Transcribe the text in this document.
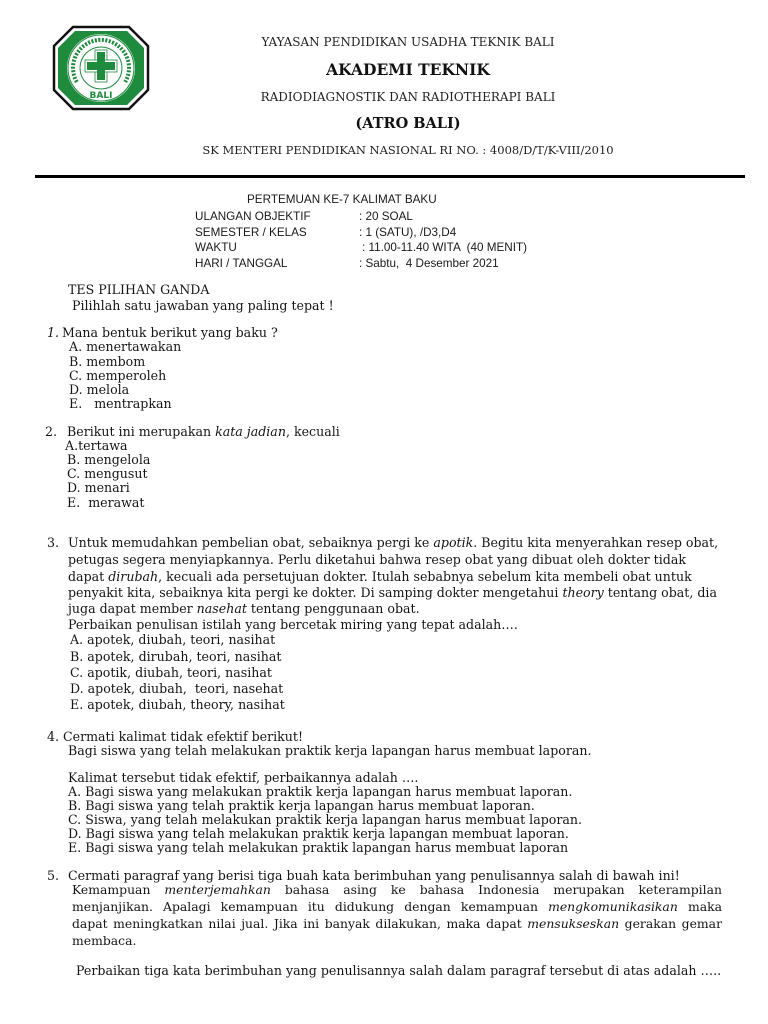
BALI
YAYASAN PENDIDIKAN USADHA TEKNIK BALI
AKADEMI TEKNIK
RADIODIAGNOSTIK DAN RADIOTHERAPI BALI
(ATRO BALI)
SK MENTERI PENDIDIKAN NASIONAL RI NO. : 4008/D/T/K-VIII/2010
PERTEMUAN KE-7 KALIMAT BAKU
ULANGAN OBJEKTIF	: 20 SOAL
SEMESTER / KELAS	: 1 (SATU), /D3,D4
WAKTU	: 11.00-11.40 WITA  (40 MENIT)
HARI / TANGGAL	: Sabtu,  4 Desember 2021
TES PILIHAN GANDA
Pilihlah satu jawaban yang paling tepat !
1. Mana bentuk berikut yang baku ?
A. menertawakan
B. membom
C. memperoleh
D. melola
E.   mentrapkan
2. Berikut ini merupakan kata jadian, kecuali
A.tertawa
B. mengelola
C. mengusut
D. menari
E.  merawat
3. Untuk memudahkan pembelian obat, sebaiknya pergi ke apotik. Begitu kita menyerahkan resep obat,
petugas segera menyiapkannya. Perlu diketahui bahwa resep obat yang dibuat oleh dokter tidak
dapat dirubah, kecuali ada persetujuan dokter. Itulah sebabnya sebelum kita membeli obat untuk
penyakit kita, sebaiknya kita pergi ke dokter. Di samping dokter mengetahui theory tentang obat, dia
juga dapat member nasehat tentang penggunaan obat.
Perbaikan penulisan istilah yang bercetak miring yang tepat adalah….
A. apotek, diubah, teori, nasihat
B. apotek, dirubah, teori, nasihat
C. apotik, diubah, teori, nasihat
D. apotek, diubah,  teori, nasehat
E. apotek, diubah, theory, nasihat
4. Cermati kalimat tidak efektif berikut!
Bagi siswa yang telah melakukan praktik kerja lapangan harus membuat laporan.
Kalimat tersebut tidak efektif, perbaikannya adalah ….
A. Bagi siswa yang melakukan praktik kerja lapangan harus membuat laporan.
B. Bagi siswa yang telah praktik kerja lapangan harus membuat laporan.
C. Siswa, yang telah melakukan praktik kerja lapangan harus membuat laporan.
D. Bagi siswa yang telah melakukan praktik kerja lapangan membuat laporan.
E. Bagi siswa yang telah melakukan praktik lapangan harus membuat laporan
5. Cermati paragraf yang berisi tiga buah kata berimbuhan yang penulisannya salah di bawah ini!
Kemampuan menterjemahkan bahasa asing ke bahasa Indonesia merupakan keterampilan
menjanjikan. Apalagi kemampuan itu didukung dengan kemampuan mengkomunikasikan maka
dapat meningkatkan nilai jual. Jika ini banyak dilakukan, maka dapat mensukseskan gerakan gemar
membaca.
Perbaikan tiga kata berimbuhan yang penulisannya salah dalam paragraf tersebut di atas adalah …..
